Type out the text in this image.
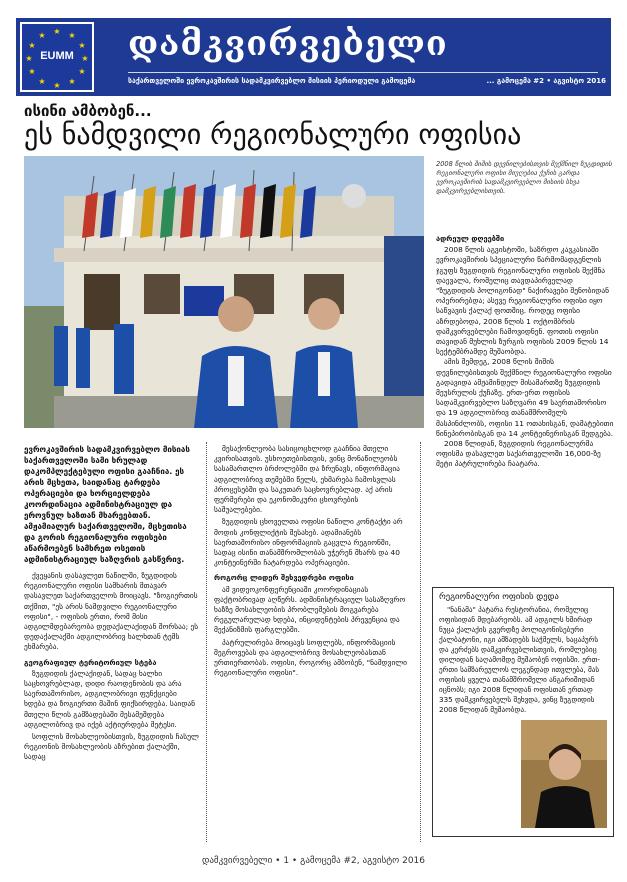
★ ★
★
★
★
★
★
★
★
★
★
★
EUMM	დამკვირვებელი
საქართველოში ევროკავშირის სადამკვირვებლო მისიის პერიოდული გამოცემა	... გამოცემა #2 • აგვისტო 2016
ისინი ამბობენ...
ეს ნამდვილი რეგიონალური ოფისია
2008 წლის შიშის დევნილებისთვის შექმნილ ზუგდიდის რეგიონალური ოფისი მიუღებია ქუჩის გარდა ევროკავშირის სადამკვირვებლო მისიის სხვა დამკვირვებლისთვის.
ადრეულ დღეებში

2008 წლის აგვისტოში, საზრდო კავკასიაში ევროკავშირის სპეციალური წარმომადგენლის ჯგუფს ზუგდიდის რეგიონალური ოფისის შექმნა დაევალა, რომელიც თავდაპირველად "ზუგდიდის პოლიგონად" ნაქირავები შენობიდან ოპერირებდა; ასევე რეგიონალური ოფისი იყო საწვავის ქალაქ ფოთშიც. როდეც ოფისი აზრდებოდა, 2008 წლის 1 ოქტომბრის დამკვირვებლები ჩამოვიდნენ. ფოთის ოფისი თავიდან მუხლის ზურგის ოფისის 2009 წლის 14 სექტემბრამდე მუშაობდა.

ამის შემდეგ, 2008 წლის შიშის დევნილებისთვის შექმნილ რეგიონალური ოფისი გადავიდა ამჟამინდელ მისამართზე ზუგდიდის მეუსრულის ქუჩაზე. ერთ-ერთ ოფისის სადამკვირვებლო საზღვარი 49 საერთაშორისო და 19 ადგილობრივ თანამშრომელს მასპინძლობს, ოფისი 11 ოთახისგან, დამატებითი წინეპირობისგან და 14 კონტეინერისგან შედგება.

2008 წლიდან, ზუგდიდის რეგიონალურმა ოფისმა დასავლეთ საქართველოში 16,000-ზე მეტი პატრულირება ჩაატარა.

ევროკავშირის სადამკვირვებლო მისიას საქართველოში სამი ხრულად დაკომპლექტებული ოფისი გააჩნია. ეს არის მცხეთა, საიდანაც ტარდება ოპერაციები და ხორციელდება კოორდინაცია ადმინისტრაციულ და ეროვნულ ხაზთან მხარეებთან. ამჟამიალურ საქართველოში, მცხეთისა და გორის რეგიონალური ოფისები აწარმოებენ სამხრეთ ოსეთის ადმინისტრაციულ საზღვრის გასწვრივ.

ქვეყანის დასავლეთ ნაწილში, ზუგდიდის რეგიონალური ოფისი სამხარის მთავარ დასავლეთ საქართველოს მოიცავს. "ზოგიერთის თქმით, "ეს არის ნამდვილი რეგიონალური ოფისი", - ოფისის ერთი, რომ მისი ადგილმდებარეობა დედაქალაქიდან შორსაა; ეს დედაქალაქში ადგილობრივ ხალხთან ტემს ეხმარება.

გეოგრაფიულ ტერიტორიულ სტება

ზუგდიდის ქალაქიდან, სადაც ხალხი საცხოვრებლად, დიდი რაოდენობის და არა საერთაშორისო, ადგილობრივი ფუნქციები ხდება და ზოგიერთი მაშინ ფიქსირდება. საიდან მთელი წლის გამზადებაში მესამეშდება ადგილობრივ და იქებ აქტიურდება მეტესი.

სოფლის მოსახლეობისთვის, ზუგდიდის ჩასულ რეგიონის მოსახლეობის აზრებით ქალაქში, სადაც

მესაქონლეობა სასიცოცხლოდ გააჩნია მთელი კვირისათვის. უსხოეთებისთვის, ვინც მონაწილეობს სასამართლო ბრძოლებში და ზრუნავს, ინფორმაცია ადგილობრივ თემებში წელს, ეხმარება ჩამოსვლას პროცესებში და საკუთარ საცხოვრებლად. აქ არის ფერმერები და ეკონომიკური ცხოვრების საშუალებები.

ზუგდიდის ცხოველთა ოფისი ნაწილი კონტაქტი არ მოდის კონფლიქტის შესახებ. ადამიანებს საერთაშორისო ინფორმაციის გაცვლა რეგიონში, სადაც ისინი თანამშრომლობას უჭერენ მხარს და 40 კონტეინერში ჩატარდება ოპერაციები.

როგორც ლიდერ შეხვედრები ოფისი

ამ ვიდეოკონფერენციაში კოორდინაციას ფაქტობრივად აღწერს. ადმინისტრაციულ სასაზღვრო ხაზზე მოსახლეობის პრობლემების მოგვარება რეგულარულად ხდება, ინციდენტების პრევენცია და მექანიზმის ფარგლებში.

პატრულირება მოიცავს სოფლებს, ინფორმაციის შეგროვებას და ადგილობრივ მოსახლეობასთან ურთიერთობას. ოფისი, როგორც ამბობენ, "ნამდვილი რეგიონალური ოფისი".

რეგიონალური ოფისის დედა
"ნანამა" პატარა რესტორანია, რომელიც ოფისიდან მდებარეობს. ამ ადგილს ხშირად ნუცა ქალაქის გვერდზე პოლიგონისებური ქალბატონი, იგი ამზადებს საჭმელს, ხაცაპურს და კერძებს დამკვირვებლისთვის, რომლებიც დილიდან საღამომდე მუშაობენ ოფისში. ერთ-ერთი სამზარეულოს ლეგენდად ითვლება, მას ოფისის ყველა თანამშრომელი ანგარიშიდან იცნობს; იგი 2008 წლიდან ოფისთან ერთად 335 დამკვირვებელს შეხვდა, ვინც ზუგდიდის 2008 წლიდან მუშაობდა.
დამკვირვებელი • 1 • გამოცემა #2, აგვისტო 2016
